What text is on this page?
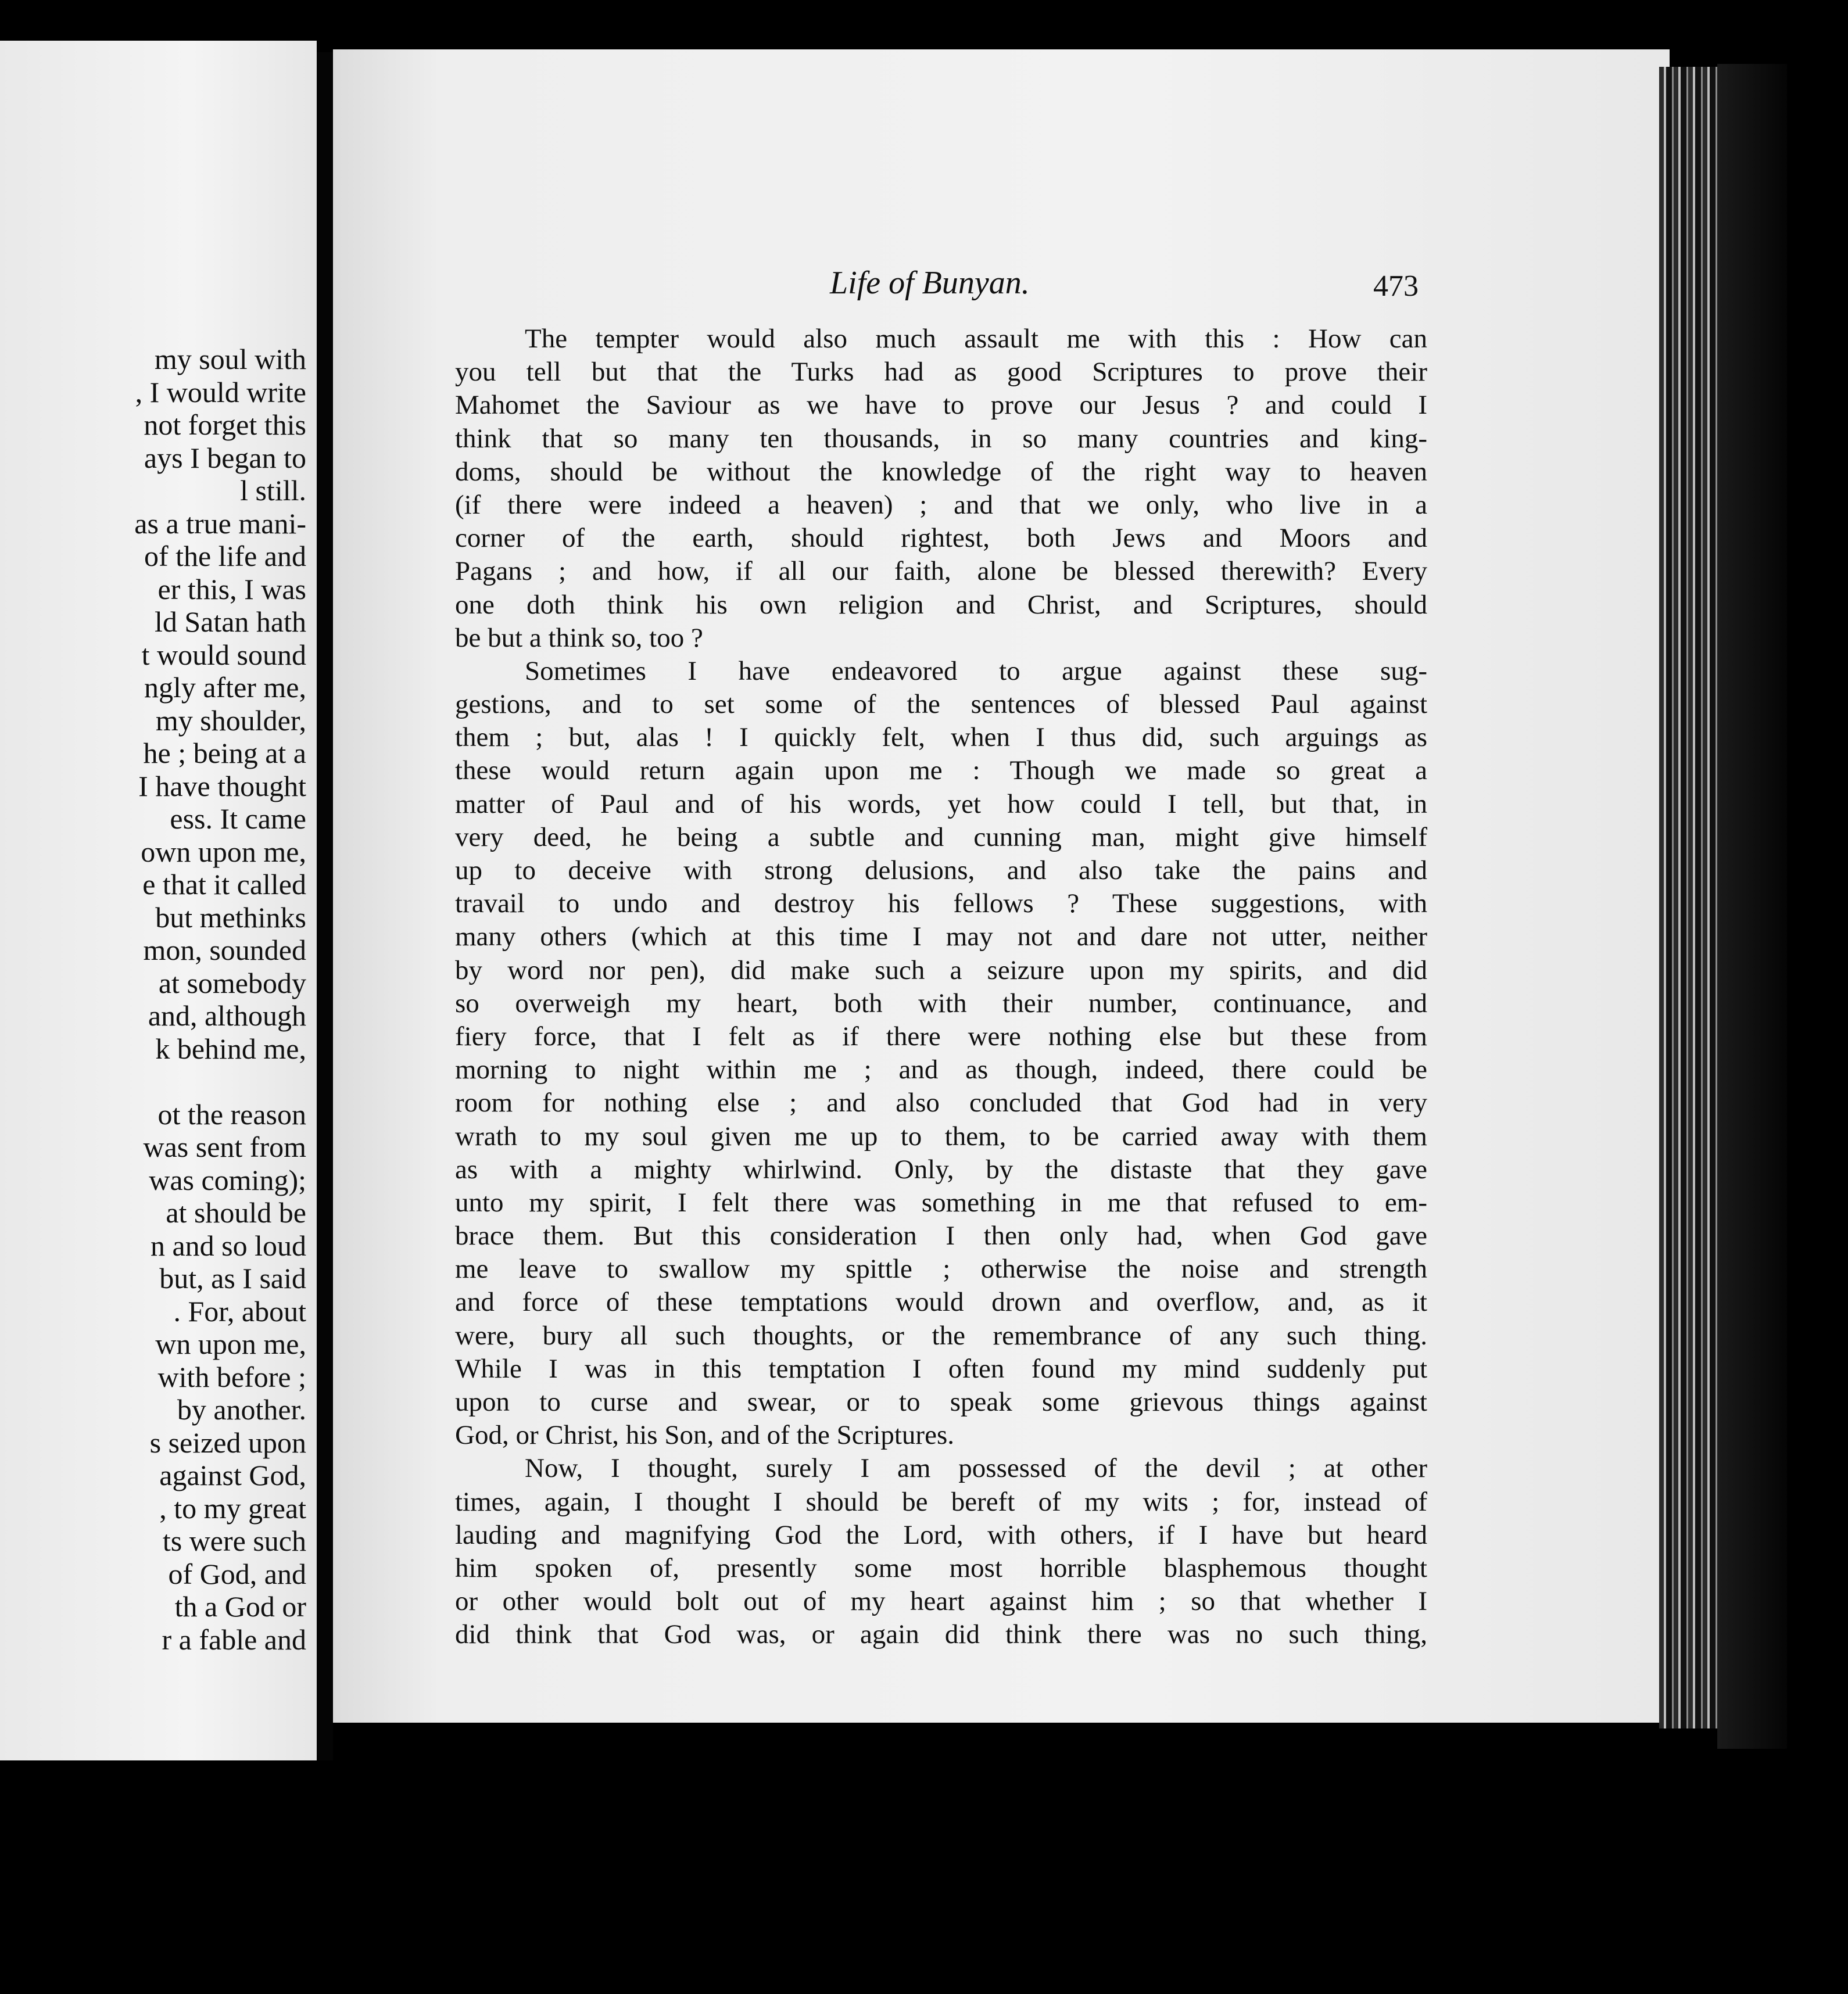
my soul with
, I would write
not forget this
ays I began to
l still.
as a true mani-
of the life and
er this, I was
ld Satan hath
t would sound
ngly after me,
my shoulder,
he ; being at a
I have thought
ess. It came
own upon me,
e that it called
but methinks
mon, sounded
at somebody
and, although
k behind me,
ot the reason
was sent from
was coming);
at should be
n and so loud
but, as I said
. For, about
wn upon me,
with before ;
by another.
s seized upon
against God,
, to my great
ts were such
of God, and
th a God or
r a fable and
Life of Bunyan.	473
The tempter would also much assault me with this : How can
you tell but that the Turks had as good Scriptures to prove their
Mahomet the Saviour as we have to prove our Jesus ? and could I
think that so many ten thousands, in so many countries and king-
doms, should be without the knowledge of the right way to heaven
(if there were indeed a heaven) ; and that we only, who live in a
corner of the earth, should rightest, both Jews and Moors and
Pagans ; and how, if all our faith, alone be blessed therewith? Every
one doth think his own religion and Christ, and Scriptures, should
be but a think so, too ?
Sometimes I have endeavored to argue against these sug-
gestions, and to set some of the sentences of blessed Paul against
them ; but, alas ! I quickly felt, when I thus did, such arguings as
these would return again upon me : Though we made so great a
matter of Paul and of his words, yet how could I tell, but that, in
very deed, he being a subtle and cunning man, might give himself
up to deceive with strong delusions, and also take the pains and
travail to undo and destroy his fellows ? These suggestions, with
many others (which at this time I may not and dare not utter, neither
by word nor pen), did make such a seizure upon my spirits, and did
so overweigh my heart, both with their number, continuance, and
fiery force, that I felt as if there were nothing else but these from
morning to night within me ; and as though, indeed, there could be
room for nothing else ; and also concluded that God had in very
wrath to my soul given me up to them, to be carried away with them
as with a mighty whirlwind. Only, by the distaste that they gave
unto my spirit, I felt there was something in me that refused to em-
brace them. But this consideration I then only had, when God gave
me leave to swallow my spittle ; otherwise the noise and strength
and force of these temptations would drown and overflow, and, as it
were, bury all such thoughts, or the remembrance of any such thing.
While I was in this temptation I often found my mind suddenly put
upon to curse and swear, or to speak some grievous things against
God, or Christ, his Son, and of the Scriptures.
Now, I thought, surely I am possessed of the devil ; at other
times, again, I thought I should be bereft of my wits ; for, instead of
lauding and magnifying God the Lord, with others, if I have but heard
him spoken of, presently some most horrible blasphemous thought
or other would bolt out of my heart against him ; so that whether I
did think that God was, or again did think there was no such thing,
